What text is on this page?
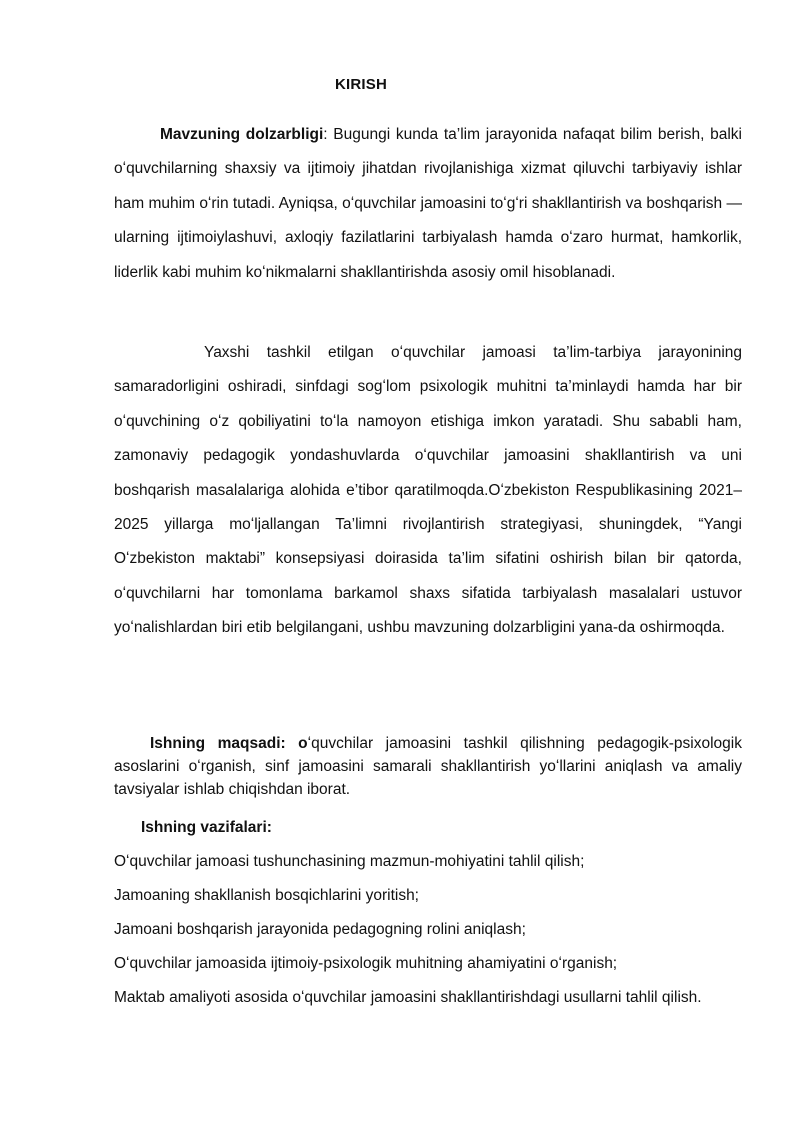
KIRISH

Mavzuning dolzarbligi: Bugungi kunda ta’lim jarayonida nafaqat bilim berish, balki oʻquvchilarning shaxsiy va ijtimoiy jihatdan rivojlanishiga xizmat qiluvchi tarbiyaviy ishlar ham muhim oʻrin tutadi. Ayniqsa, oʻquvchilar jamoasini toʻgʻri shakllantirish va boshqarish — ularning ijtimoiylashuvi, axloqiy fazilatlarini tarbiyalash hamda oʻzaro hurmat, hamkorlik, liderlik kabi muhim koʻnikmalarni shakllantirishda asosiy omil hisoblanadi.

Yaxshi tashkil etilgan oʻquvchilar jamoasi ta’lim-tarbiya jarayonining samaradorligini oshiradi, sinfdagi sogʻlom psixologik muhitni ta’minlaydi hamda har bir oʻquvchining oʻz qobiliyatini toʻla namoyon etishiga imkon yaratadi. Shu sababli ham, zamonaviy pedagogik yondashuvlarda oʻquvchilar jamoasini shakllantirish va uni boshqarish masalalariga alohida e’tibor qaratilmoqda.Oʻzbekiston Respublikasining 2021–2025 yillarga moʻljallangan Ta’limni rivojlantirish strategiyasi, shuningdek, “Yangi Oʻzbekiston maktabi” konsepsiyasi doirasida ta’lim sifatini oshirish bilan bir qatorda, oʻquvchilarni har tomonlama barkamol shaxs sifatida tarbiyalash masalalari ustuvor yoʻnalishlardan biri etib belgilangani, ushbu mavzuning dolzarbligini yana-da oshirmoqda.

Ishning maqsadi: oʻquvchilar jamoasini tashkil qilishning pedagogik-psixologik asoslarini oʻrganish, sinf jamoasini samarali shakllantirish yoʻllarini aniqlash va amaliy tavsiyalar ishlab chiqishdan iborat.

Ishning vazifalari:
Oʻquvchilar jamoasi tushunchasining mazmun-mohiyatini tahlil qilish;
Jamoaning shakllanish bosqichlarini yoritish;
Jamoani boshqarish jarayonida pedagogning rolini aniqlash;
Oʻquvchilar jamoasida ijtimoiy-psixologik muhitning ahamiyatini oʻrganish;
Maktab amaliyoti asosida oʻquvchilar jamoasini shakllantirishdagi usullarni tahlil qilish.
